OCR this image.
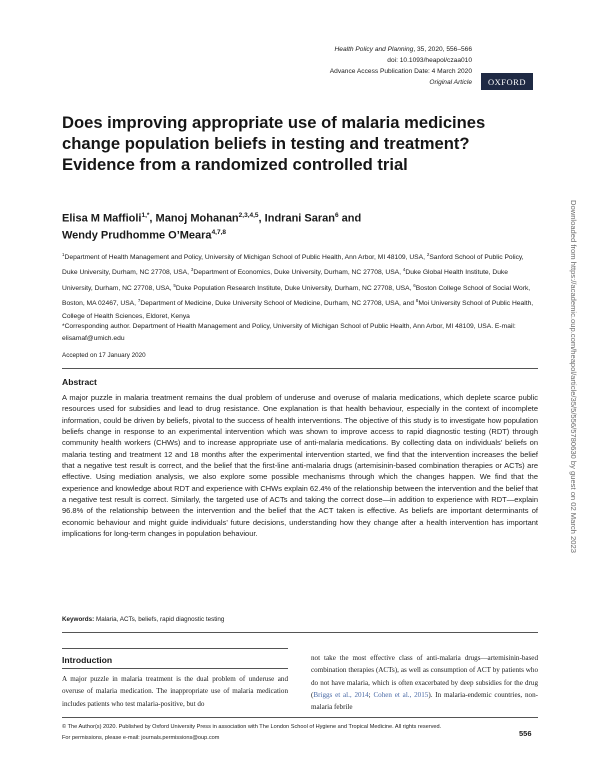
Health Policy and Planning, 35, 2020, 556–566
doi: 10.1093/heapol/czaa010
Advance Access Publication Date: 4 March 2020
Original Article OXFORD
Does improving appropriate use of malaria medicines change population beliefs in testing and treatment? Evidence from a randomized controlled trial
Elisa M Maffioli$^{1,*}$, Manoj Mohanan$^{2,3,4,5}$, Indrani Saran$^6$ and
Wendy Prudhomme O’Meara$^{4,7,8}$
$^1$Department of Health Management and Policy, University of Michigan School of Public Health, Ann Arbor, MI 48109, USA, $^2$Sanford School of Public Policy, Duke University, Durham, NC 27708, USA, $^3$Department of Economics, Duke University, Durham, NC 27708, USA, $^4$Duke Global Health Institute, Duke University, Durham, NC 27708, USA, $^5$Duke Population Research Institute, Duke University, Durham, NC 27708, USA, $^6$Boston College School of Social Work, Boston, MA 02467, USA, $^7$Department of Medicine, Duke University School of Medicine, Durham, NC 27708, USA, and $^8$Moi University School of Public Health, College of Health Sciences, Eldoret, Kenya
*Corresponding author. Department of Health Management and Policy, University of Michigan School of Public Health, Ann Arbor, MI 48109, USA. E-mail: elisamaf@umich.edu
Accepted on 17 January 2020
Abstract
A major puzzle in malaria treatment remains the dual problem of underuse and overuse of malaria medications, which deplete scarce public resources used for subsidies and lead to drug resistance. One explanation is that health behaviour, especially in the context of incomplete information, could be driven by beliefs, pivotal to the success of health interventions. The objective of this study is to investigate how population beliefs change in response to an experimental intervention which was shown to improve access to rapid diagnostic testing (RDT) through community health workers (CHWs) and to increase appropriate use of anti-malaria medications. By collecting data on individuals’ beliefs on malaria testing and treatment 12 and 18 months after the experimental intervention started, we find that the intervention increases the belief that a negative test result is correct, and the belief that the first-line anti-malaria drugs (artemisinin-based combination therapies or ACTs) are effective. Using mediation analysis, we also explore some possible mechanisms through which the changes happen. We find that the experience and knowledge about RDT and experience with CHWs explain 62.4% of the relationship between the intervention and the belief that a negative test result is correct. Similarly, the targeted use of ACTs and taking the correct dose—in addition to experience with RDT—explain 96.8% of the relationship between the intervention and the belief that the ACT taken is effective. As beliefs are important determinants of economic behaviour and might guide individuals’ future decisions, understanding how they change after a health intervention has important implications for long-term changes in population behaviour.
Keywords: Malaria, ACTs, beliefs, rapid diagnostic testing
Introduction
A major puzzle in malaria treatment is the dual problem of underuse and overuse of malaria medication. The inappropriate use of malaria medication includes patients who test malaria-positive, but do
not take the most effective class of anti-malaria drugs—artemisinin-based combination therapies (ACTs), as well as consumption of ACT by patients who do not have malaria, which is often exacerbated by deep subsidies for the drug (Briggs et al., 2014; Cohen et al., 2015). In malaria-endemic countries, non-malaria febrile
© The Author(s) 2020. Published by Oxford University Press in association with The London School of Hygiene and Tropical Medicine. All rights reserved.
For permissions, please e-mail: journals.permissions@oup.com	556
Downloaded from https://academic.oup.com/heapol/article/35/5/556/5780630 by guest on 02 March 2023
